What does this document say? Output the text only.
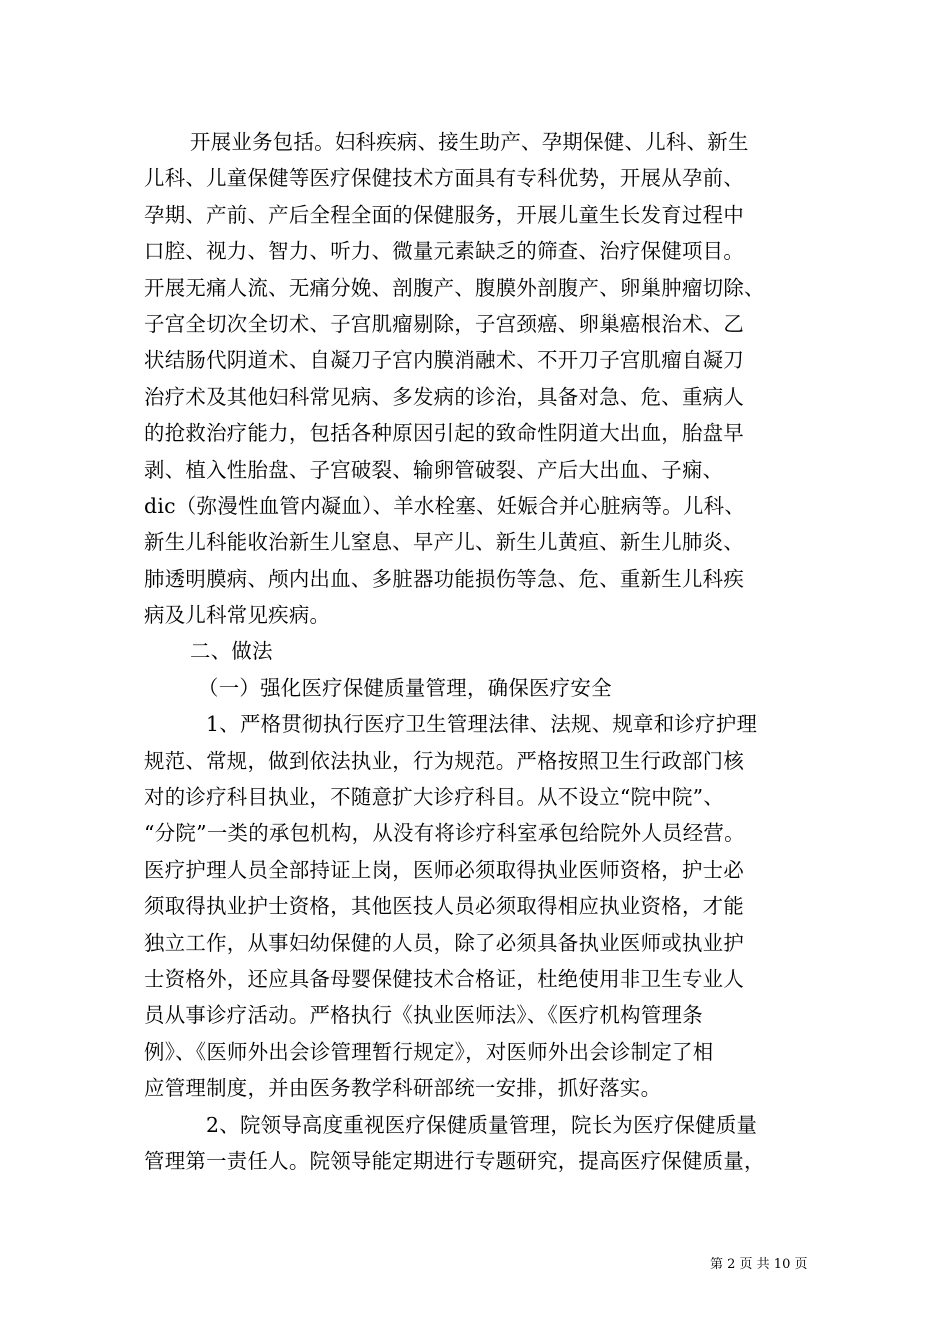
开展业务包括。妇科疾病、接生助产、孕期保健、儿科、新生
儿科、儿童保健等医疗保健技术方面具有专科优势，开展从孕前、
孕期、产前、产后全程全面的保健服务，开展儿童生长发育过程中
口腔、视力、智力、听力、微量元素缺乏的筛查、治疗保健项目。
开展无痛人流、无痛分娩、剖腹产、腹膜外剖腹产、卵巢肿瘤切除、
子宫全切次全切术、子宫肌瘤剔除，子宫颈癌、卵巢癌根治术、乙
状结肠代阴道术、自凝刀子宫内膜消融术、不开刀子宫肌瘤自凝刀
治疗术及其他妇科常见病、多发病的诊治，具备对急、危、重病人
的抢救治疗能力，包括各种原因引起的致命性阴道大出血，胎盘早
剥、植入性胎盘、子宫破裂、输卵管破裂、产后大出血、子痫、
dic（弥漫性血管内凝血）、羊水栓塞、妊娠合并心脏病等。儿科、
新生儿科能收治新生儿窒息、早产儿、新生儿黄疸、新生儿肺炎、
肺透明膜病、颅内出血、多脏器功能损伤等急、危、重新生儿科疾
病及儿科常见疾病。
二、做法
（一）强化医疗保健质量管理，确保医疗安全
1、严格贯彻执行医疗卫生管理法律、法规、规章和诊疗护理
规范、常规，做到依法执业，行为规范。严格按照卫生行政部门核
对的诊疗科目执业，不随意扩大诊疗科目。从不设立“院中院”、
“分院”一类的承包机构，从没有将诊疗科室承包给院外人员经营。
医疗护理人员全部持证上岗，医师必须取得执业医师资格，护士必
须取得执业护士资格，其他医技人员必须取得相应执业资格，才能
独立工作，从事妇幼保健的人员，除了必须具备执业医师或执业护
士资格外，还应具备母婴保健技术合格证，杜绝使用非卫生专业人
员从事诊疗活动。严格执行《执业医师法》、《医疗机构管理条
例》、《医师外出会诊管理暂行规定》，对医师外出会诊制定了相
应管理制度，并由医务教学科研部统一安排，抓好落实。
2、院领导高度重视医疗保健质量管理，院长为医疗保健质量
管理第一责任人。院领导能定期进行专题研究，提高医疗保健质量，
第 2 页 共 10 页
